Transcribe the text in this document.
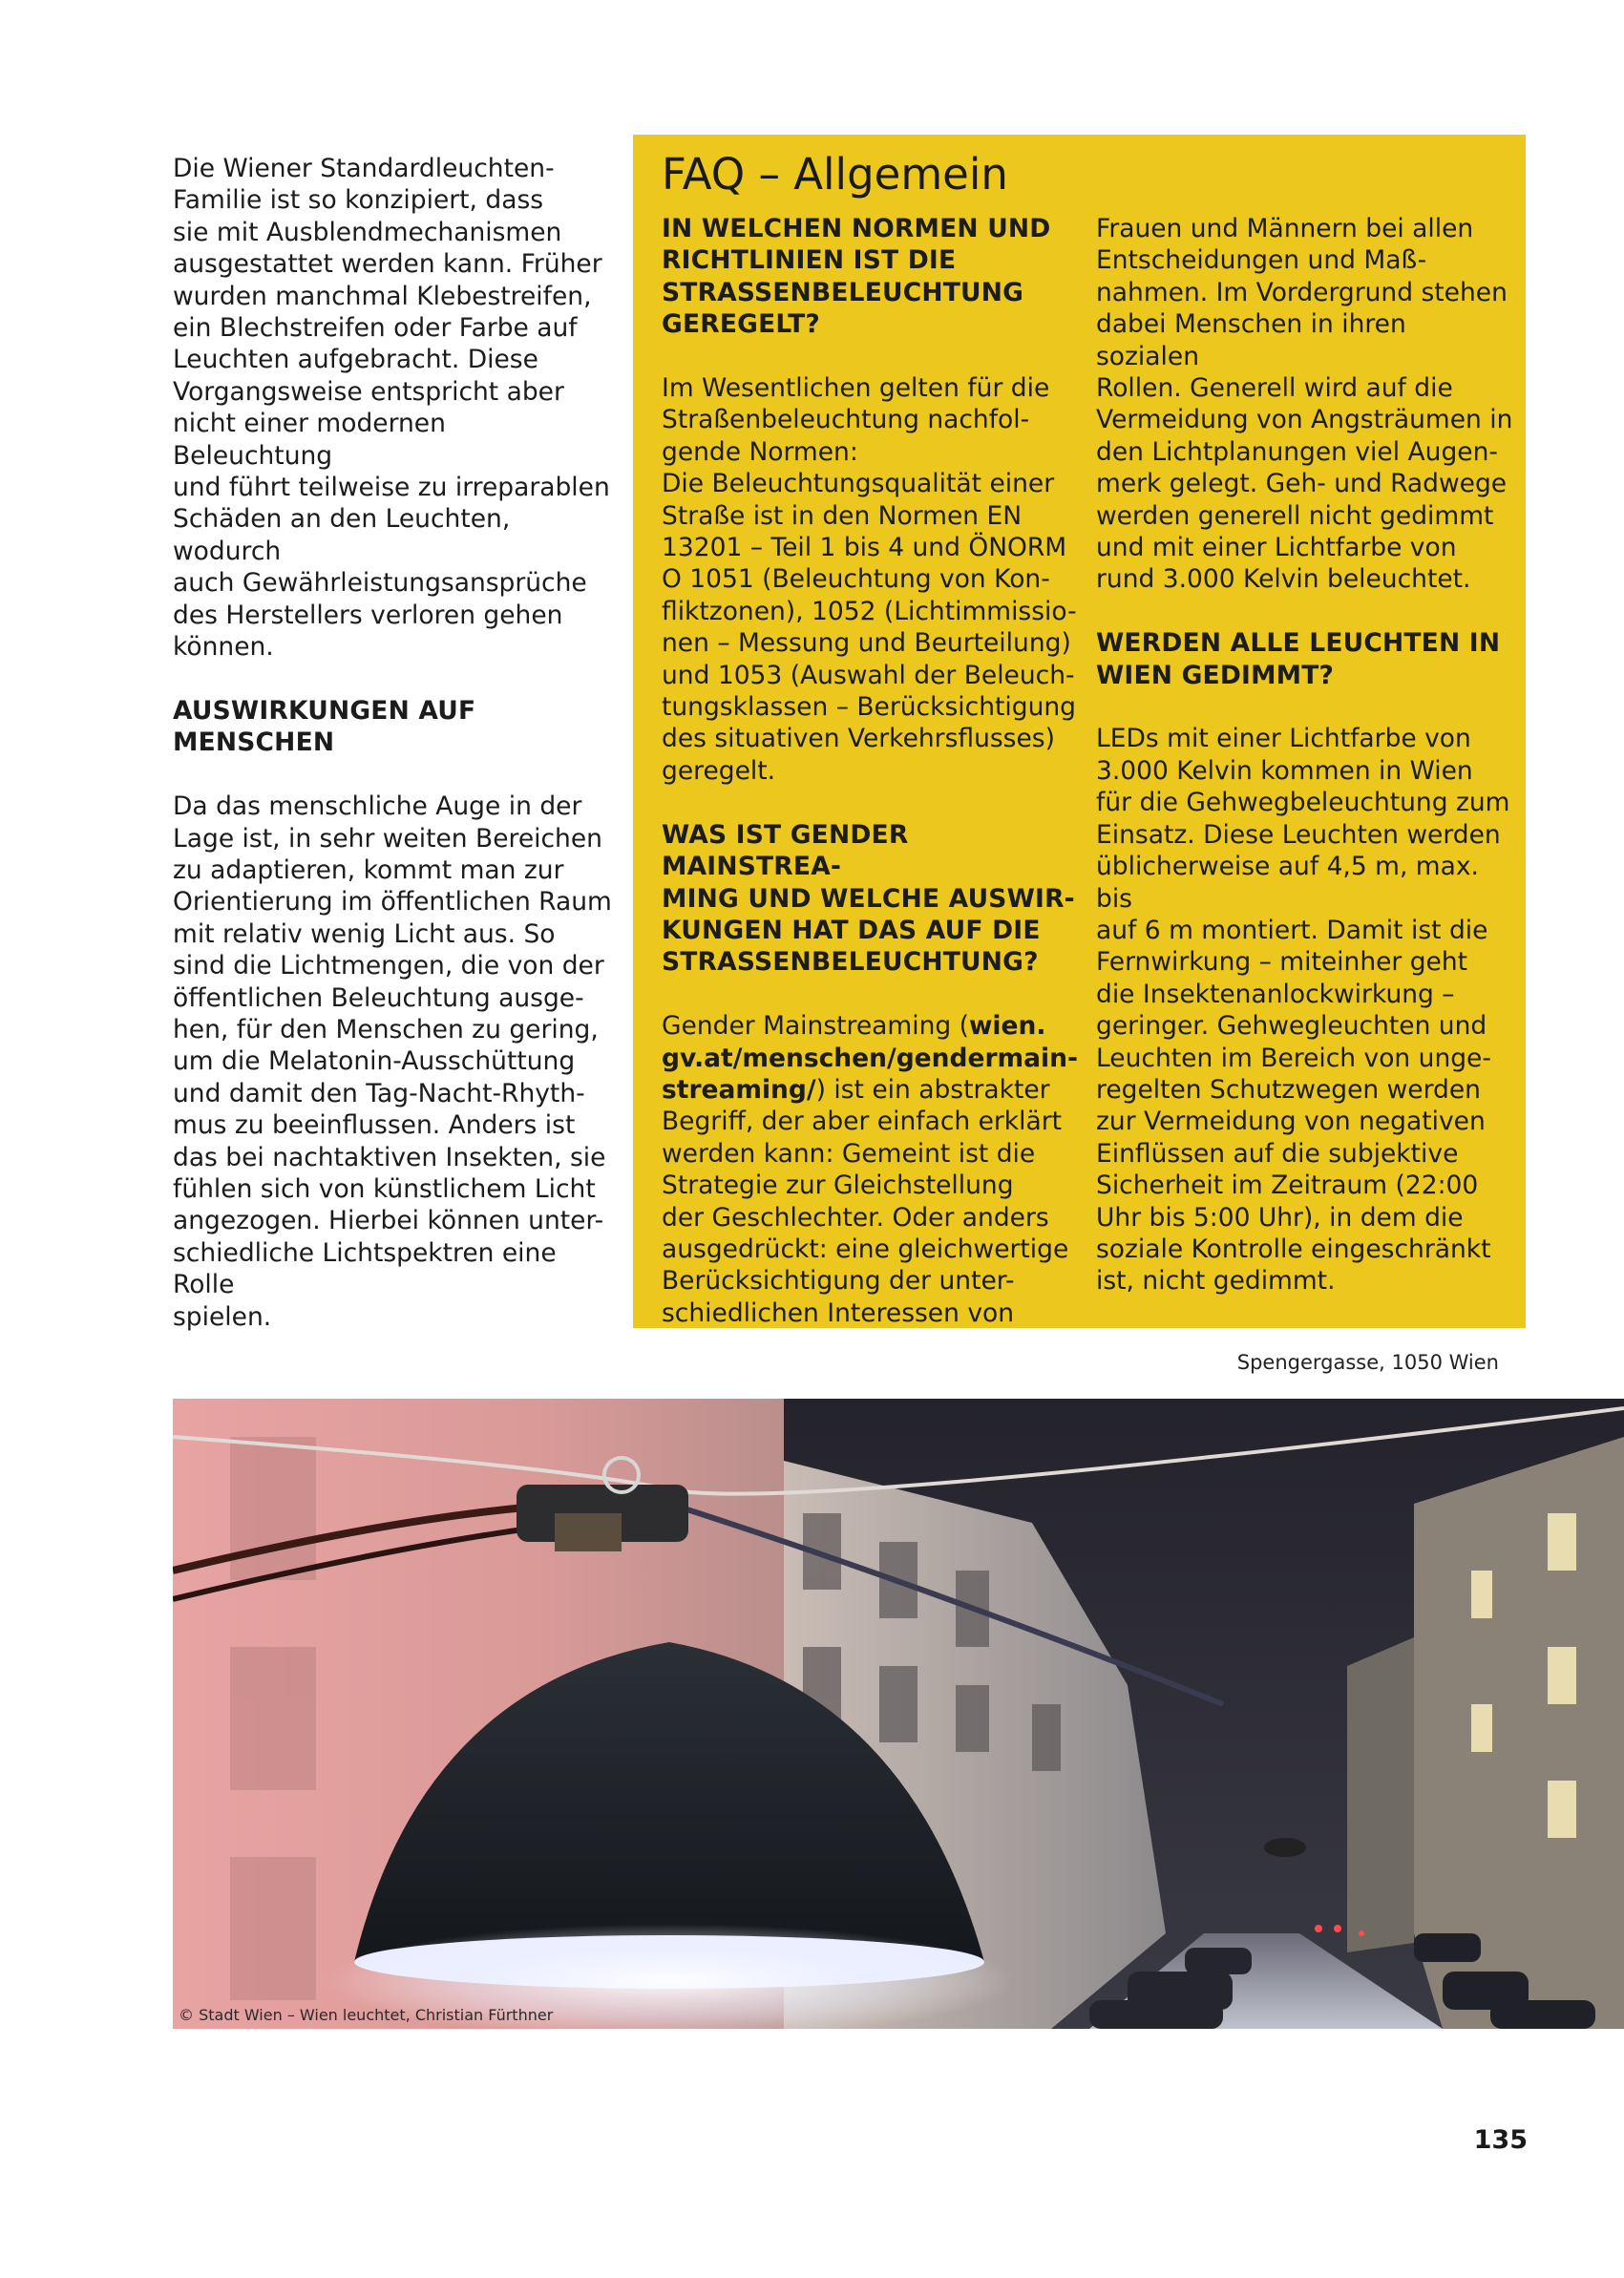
Die Wiener Standardleuchten-

Familie ist so konzipiert, dass

sie mit Ausblendmechanismen

ausgestattet werden kann. Früher

wurden manchmal Klebestreifen,

ein Blechstreifen oder Farbe auf

Leuchten aufgebracht. Diese

Vorgangsweise entspricht aber

nicht einer modernen Beleuchtung

und führt teilweise zu irreparablen

Schäden an den Leuchten, wodurch

auch Gewährleistungsansprüche

des Herstellers verloren gehen

können.

AUSWIRKUNGEN AUF

MENSCHEN

Da das menschliche Auge in der

Lage ist, in sehr weiten Bereichen

zu adaptieren, kommt man zur

Orientierung im öffentlichen Raum

mit relativ wenig Licht aus. So

sind die Lichtmengen, die von der

öffentlichen Beleuchtung ausge-

hen, für den Menschen zu gering,

um die Melatonin-Ausschüttung

und damit den Tag-Nacht-Rhyth-

mus zu beeinflussen. Anders ist

das bei nachtaktiven Insekten, sie

fühlen sich von künstlichem Licht

angezogen. Hierbei können unter-

schiedliche Lichtspektren eine Rolle

spielen.

FAQ – Allgemein

IN WELCHEN NORMEN UND

RICHTLINIEN IST DIE

STRASSENBELEUCHTUNG

GEREGELT?

Im Wesentlichen gelten für die

Straßenbeleuchtung nachfol-

gende Normen:

Die Beleuchtungsqualität einer

Straße ist in den Normen EN

13201 – Teil 1 bis 4 und ÖNORM

O 1051 (Beleuchtung von Kon-

fliktzonen), 1052 (Lichtimmissio-

nen – Messung und Beurteilung)

und 1053 (Auswahl der Beleuch-

tungsklassen – Berücksichtigung

des situativen Verkehrsflusses)

geregelt.

WAS IST GENDER MAINSTREA-

MING UND WELCHE AUSWIR-

KUNGEN HAT DAS AUF DIE

STRASSENBELEUCHTUNG?

Gender Mainstreaming (wien.

gv.at/menschen/gendermain-

streaming/) ist ein abstrakter

Begriff, der aber einfach erklärt

werden kann: Gemeint ist die

Strategie zur Gleichstellung

der Geschlechter. Oder anders

ausgedrückt: eine gleichwertige

Berücksichtigung der unter-

schiedlichen Interessen von

Frauen und Männern bei allen

Entscheidungen und Maß-

nahmen. Im Vordergrund stehen

dabei Menschen in ihren sozialen

Rollen. Generell wird auf die

Vermeidung von Angsträumen in

den Lichtplanungen viel Augen-

merk gelegt. Geh- und Radwege

werden generell nicht gedimmt

und mit einer Lichtfarbe von

rund 3.000 Kelvin beleuchtet.

WERDEN ALLE LEUCHTEN IN

WIEN GEDIMMT?

LEDs mit einer Lichtfarbe von

3.000 Kelvin kommen in Wien

für die Gehwegbeleuchtung zum

Einsatz. Diese Leuchten werden

üblicherweise auf 4,5 m, max. bis

auf 6 m montiert. Damit ist die

Fernwirkung – miteinher geht

die Insektenanlockwirkung –

geringer. Gehwegleuchten und

Leuchten im Bereich von unge-

regelten Schutzwegen werden

zur Vermeidung von negativen

Einflüssen auf die subjektive

Sicherheit im Zeitraum (22:00

Uhr bis 5:00 Uhr), in dem die

soziale Kontrolle eingeschränkt

ist, nicht gedimmt.

Spengergasse, 1050 Wien
© Stadt Wien – Wien leuchtet, Christian Fürthner
135
